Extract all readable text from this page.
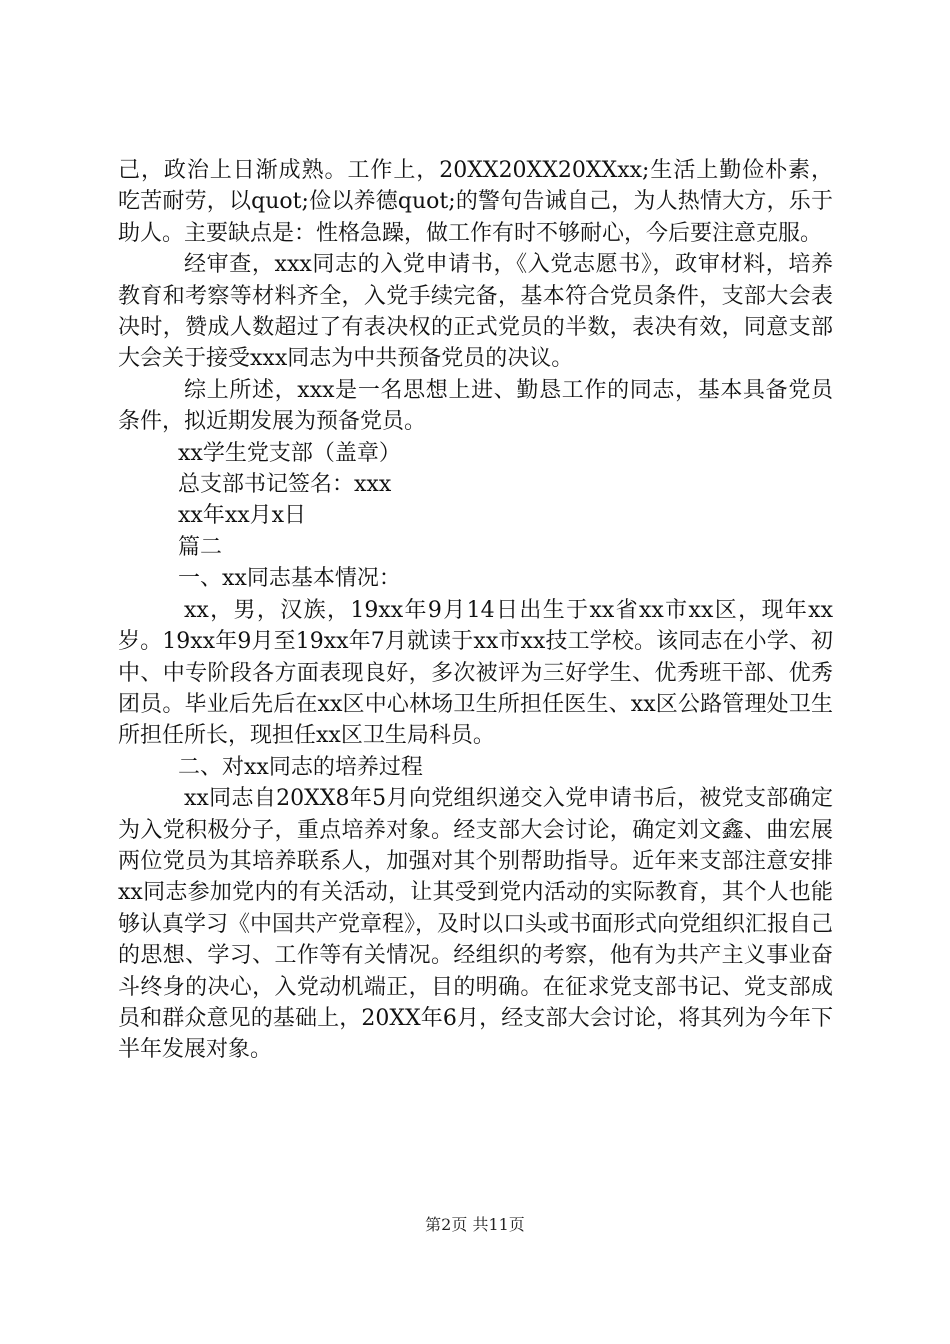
己，政治上日渐成熟。工作上，20XX20XX20XXxx;生活上勤俭朴素，吃苦耐劳，以quot;俭以养德quot;的警句告诫自己，为人热情大方，乐于助人。主要缺点是：性格急躁，做工作有时不够耐心，今后要注意克服。

经审查，xxx同志的入党申请书，《入党志愿书》，政审材料，培养教育和考察等材料齐全，入党手续完备，基本符合党员条件，支部大会表决时，赞成人数超过了有表决权的正式党员的半数，表决有效，同意支部大会关于接受xxx同志为中共预备党员的决议。

综上所述，xxx是一名思想上进、勤恳工作的同志，基本具备党员条件，拟近期发展为预备党员。

xx学生党支部（盖章）

总支部书记签名：xxx

xx年xx月x日

篇二

一、xx同志基本情况：

xx，男，汉族，19xx年9月14日出生于xx省xx市xx区，现年xx岁。19xx年9月至19xx年7月就读于xx市xx技工学校。该同志在小学、初中、中专阶段各方面表现良好，多次被评为三好学生、优秀班干部、优秀团员。毕业后先后在xx区中心林场卫生所担任医生、xx区公路管理处卫生所担任所长，现担任xx区卫生局科员。

二、对xx同志的培养过程

xx同志自20XX8年5月向党组织递交入党申请书后，被党支部确定为入党积极分子，重点培养对象。经支部大会讨论，确定刘文鑫、曲宏展两位党员为其培养联系人，加强对其个别帮助指导。近年来支部注意安排xx同志参加党内的有关活动，让其受到党内活动的实际教育，其个人也能够认真学习《中国共产党章程》，及时以口头或书面形式向党组织汇报自己的思想、学习、工作等有关情况。经组织的考察，他有为共产主义事业奋斗终身的决心，入党动机端正，目的明确。在征求党支部书记、党支部成员和群众意见的基础上，20XX年6月，经支部大会讨论，将其列为今年下半年发展对象。

第2页 共11页
